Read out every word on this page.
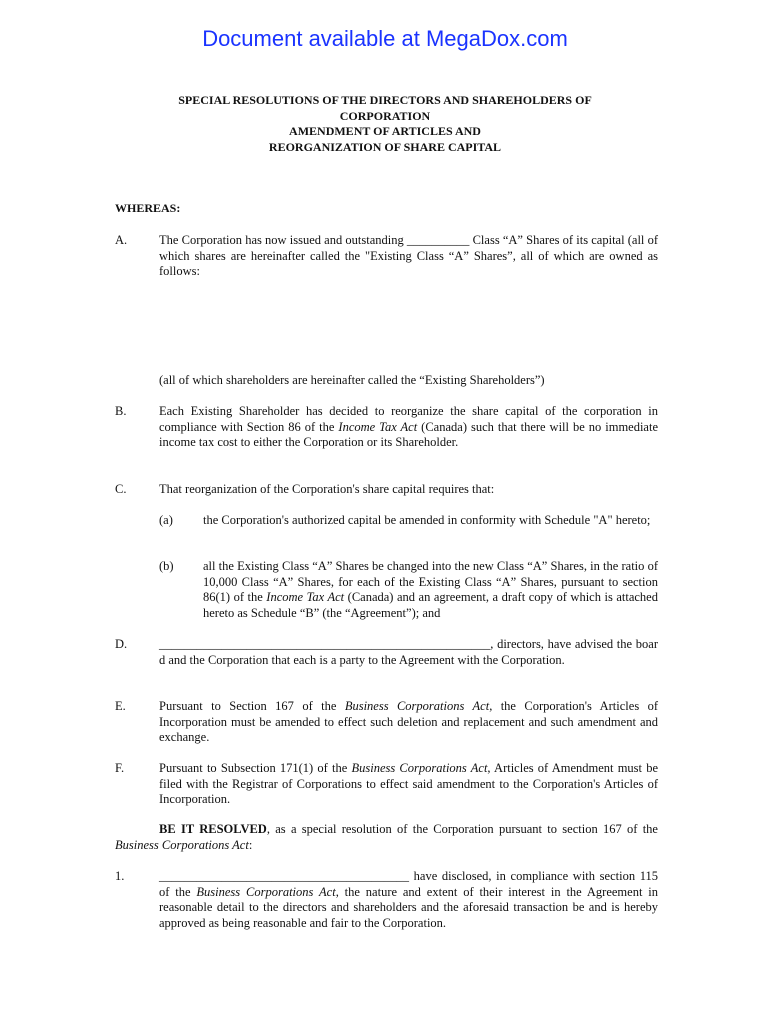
Document available at MegaDox.com
SPECIAL RESOLUTIONS OF THE DIRECTORS AND SHAREHOLDERS OF
CORPORATION
AMENDMENT OF ARTICLES AND
REORGANIZATION OF SHARE CAPITAL
WHEREAS:
A.	The Corporation has now issued and outstanding __________ Class “A” Shares of its capital (all of which shares are hereinafter called the "Existing Class “A” Shares”, all of which are owned as follows:
(all of which shareholders are hereinafter called the “Existing Shareholders”)
B.	Each Existing Shareholder has decided to reorganize the share capital of the corporation in compliance with Section 86 of the Income Tax Act (Canada) such that there will be no immediate income tax cost to either the Corporation or its Shareholder.
C.	That reorganization of the Corporation's share capital requires that:
(a) the Corporation's authorized capital be amended in conformity with Schedule "A" hereto;
(b) all the Existing Class “A” Shares be changed into the new Class “A” Shares, in the ratio of 10,000 Class “A” Shares, for each of the Existing Class “A” Shares, pursuant to section 86(1) of the Income Tax Act (Canada) and an agreement, a draft copy of which is attached hereto as Schedule “B” (the “Agreement”); and
D.	_____________________________________________________, directors, have advised the board and the Corporation that each is a party to the Agreement with the Corporation.
E.	Pursuant to Section 167 of the Business Corporations Act, the Corporation's Articles of Incorporation must be amended to effect such deletion and replacement and such amendment and exchange.
F.	Pursuant to Subsection 171(1) of the Business Corporations Act, Articles of Amendment must be filed with the Registrar of Corporations to effect said amendment to the Corporation's Articles of Incorporation.
BE IT RESOLVED, as a special resolution of the Corporation pursuant to section 167 of the Business Corporations Act:
1.	________________________________________ have disclosed, in compliance with section 115 of the Business Corporations Act, the nature and extent of their interest in the Agreement in reasonable detail to the directors and shareholders and the aforesaid transaction be and is hereby approved as being reasonable and fair to the Corporation.
